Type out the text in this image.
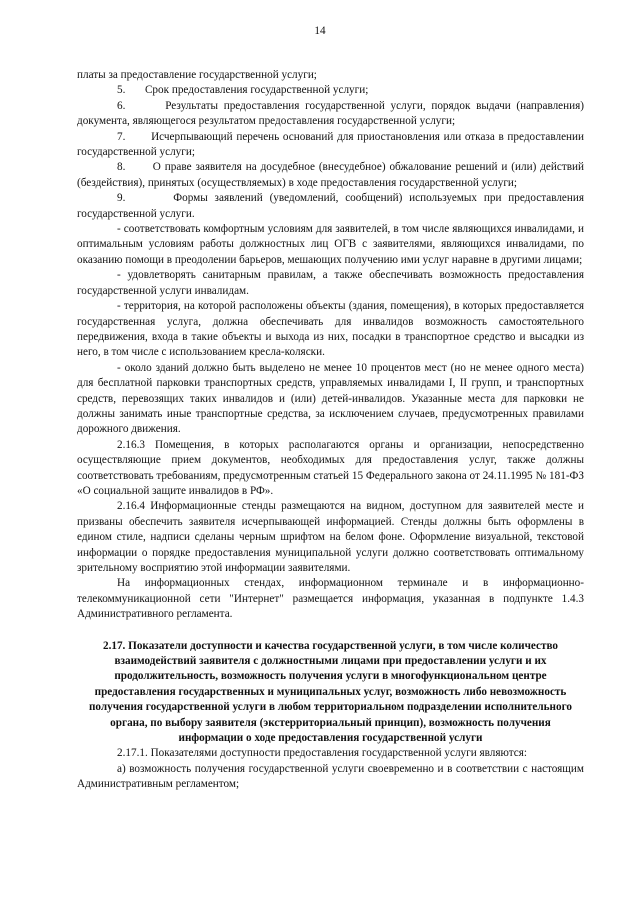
14

платы за предоставление государственной услуги;

5.       Срок предоставления государственной услуги;

6.       Результаты предоставления государственной услуги, порядок выдачи (направления) документа, являющегося результатом предоставления государственной услуги;

7.       Исчерпывающий перечень оснований для приостановления или отказа в предоставлении государственной услуги;

8.       О праве заявителя на досудебное (внесудебное) обжалование решений и (или) действий (бездействия), принятых (осуществляемых) в ходе предоставления государственной услуги;

9.       Формы заявлений (уведомлений, сообщений) используемых при предоставления государственной услуги.

- соответствовать комфортным условиям для заявителей, в том числе являющихся инвалидами, и оптимальным условиям работы должностных лиц ОГВ с заявителями, являющихся инвалидами, по оказанию помощи в преодолении барьеров, мешающих получению ими услуг наравне в другими лицами;

- удовлетворять санитарным правилам, а также обеспечивать возможность предоставления государственной услуги инвалидам.

- территория, на которой расположены объекты (здания, помещения), в которых предоставляется государственная услуга, должна обеспечивать для инвалидов возможность самостоятельного передвижения, входа в такие объекты и выхода из них, посадки в транспортное средство и высадки из него, в том числе с использованием кресла-коляски.

- около зданий должно быть выделено не менее 10 процентов мест (но не менее одного места) для бесплатной парковки транспортных средств, управляемых инвалидами I, II групп, и транспортных средств, перевозящих таких инвалидов и (или) детей-инвалидов. Указанные места для парковки не должны занимать иные транспортные средства, за исключением случаев, предусмотренных правилами дорожного движения.

2.16.3 Помещения, в которых располагаются органы и организации, непосредственно осуществляющие прием документов, необходимых для предоставления услуг, также должны соответствовать требованиям, предусмотренным статьей 15 Федерального закона от 24.11.1995 № 181-ФЗ «О социальной защите инвалидов в РФ».

2.16.4 Информационные стенды размещаются на видном, доступном для заявителей месте и призваны обеспечить заявителя исчерпывающей информацией. Стенды должны быть оформлены в едином стиле, надписи сделаны черным шрифтом на белом фоне. Оформление визуальной, текстовой информации о порядке предоставления муниципальной услуги должно соответствовать оптимальному зрительному восприятию этой информации заявителями.

На информационных стендах, информационном терминале и в информационно-телекоммуникационной сети "Интернет" размещается информация, указанная в подпункте 1.4.3 Административного регламента.

2.17. Показатели доступности и качества государственной услуги, в том числе количество взаимодействий заявителя с должностными лицами при предоставлении услуги и их продолжительность, возможность получения услуги в многофункциональном центре предоставления государственных и муниципальных услуг, возможность либо невозможность получения государственной услуги в любом территориальном подразделении исполнительного органа, по выбору заявителя (экстерриториальный принцип), возможность получения информации о ходе предоставления государственной услуги

2.17.1. Показателями доступности предоставления государственной услуги являются:

а) возможность получения государственной услуги своевременно и в соответствии с настоящим Административным регламентом;
